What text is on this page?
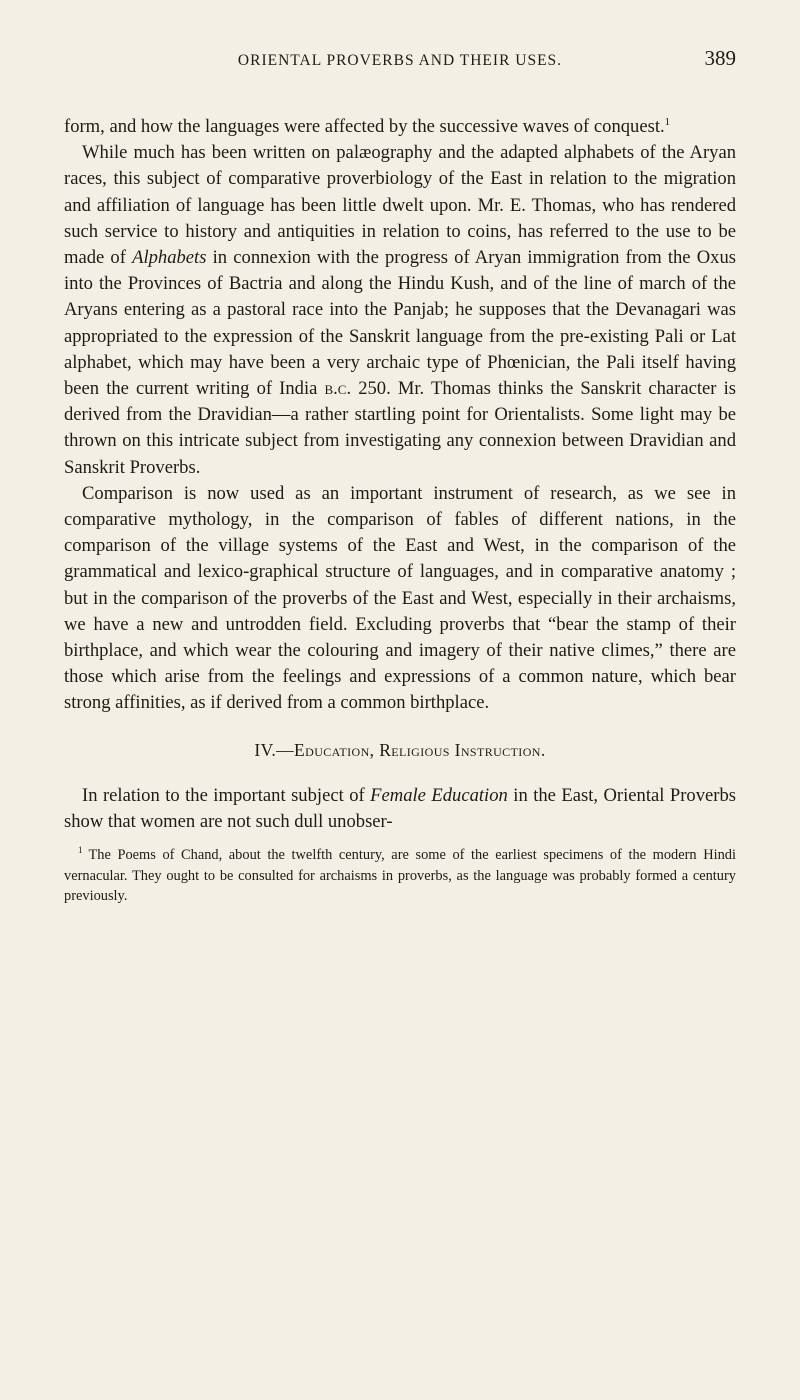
ORIENTAL PROVERBS AND THEIR USES.	389

form, and how the languages were affected by the successive waves of conquest.$^1$

While much has been written on palæography and the adapted alphabets of the Aryan races, this subject of comparative proverbiology of the East in relation to the migration and affiliation of language has been little dwelt upon. Mr. E. Thomas, who has rendered such service to history and antiquities in relation to coins, has referred to the use to be made of Alphabets in connexion with the progress of Aryan immigration from the Oxus into the Provinces of Bactria and along the Hindu Kush, and of the line of march of the Aryans entering as a pastoral race into the Panjab; he supposes that the Devanagari was appropriated to the expression of the Sanskrit language from the pre-existing Pali or Lat alphabet, which may have been a very archaic type of Phœnician, the Pali itself having been the current writing of India b.c. 250. Mr. Thomas thinks the Sanskrit character is derived from the Dravidian—a rather startling point for Orientalists. Some light may be thrown on this intricate subject from investigating any connexion between Dravidian and Sanskrit Proverbs.

Comparison is now used as an important instrument of research, as we see in comparative mythology, in the comparison of fables of different nations, in the comparison of the village systems of the East and West, in the comparison of the grammatical and lexico-graphical structure of languages, and in comparative anatomy ; but in the comparison of the proverbs of the East and West, especially in their archaisms, we have a new and untrodden field. Excluding proverbs that “bear the stamp of their birthplace, and which wear the colouring and imagery of their native climes,” there are those which arise from the feelings and expressions of a common nature, which bear strong affinities, as if derived from a common birthplace.

IV.—Education, Religious Instruction.

In relation to the important subject of Female Education in the East, Oriental Proverbs show that women are not such dull unobser-

$^1$ The Poems of Chand, about the twelfth century, are some of the earliest specimens of the modern Hindi vernacular. They ought to be consulted for archaisms in proverbs, as the language was probably formed a century previously.
